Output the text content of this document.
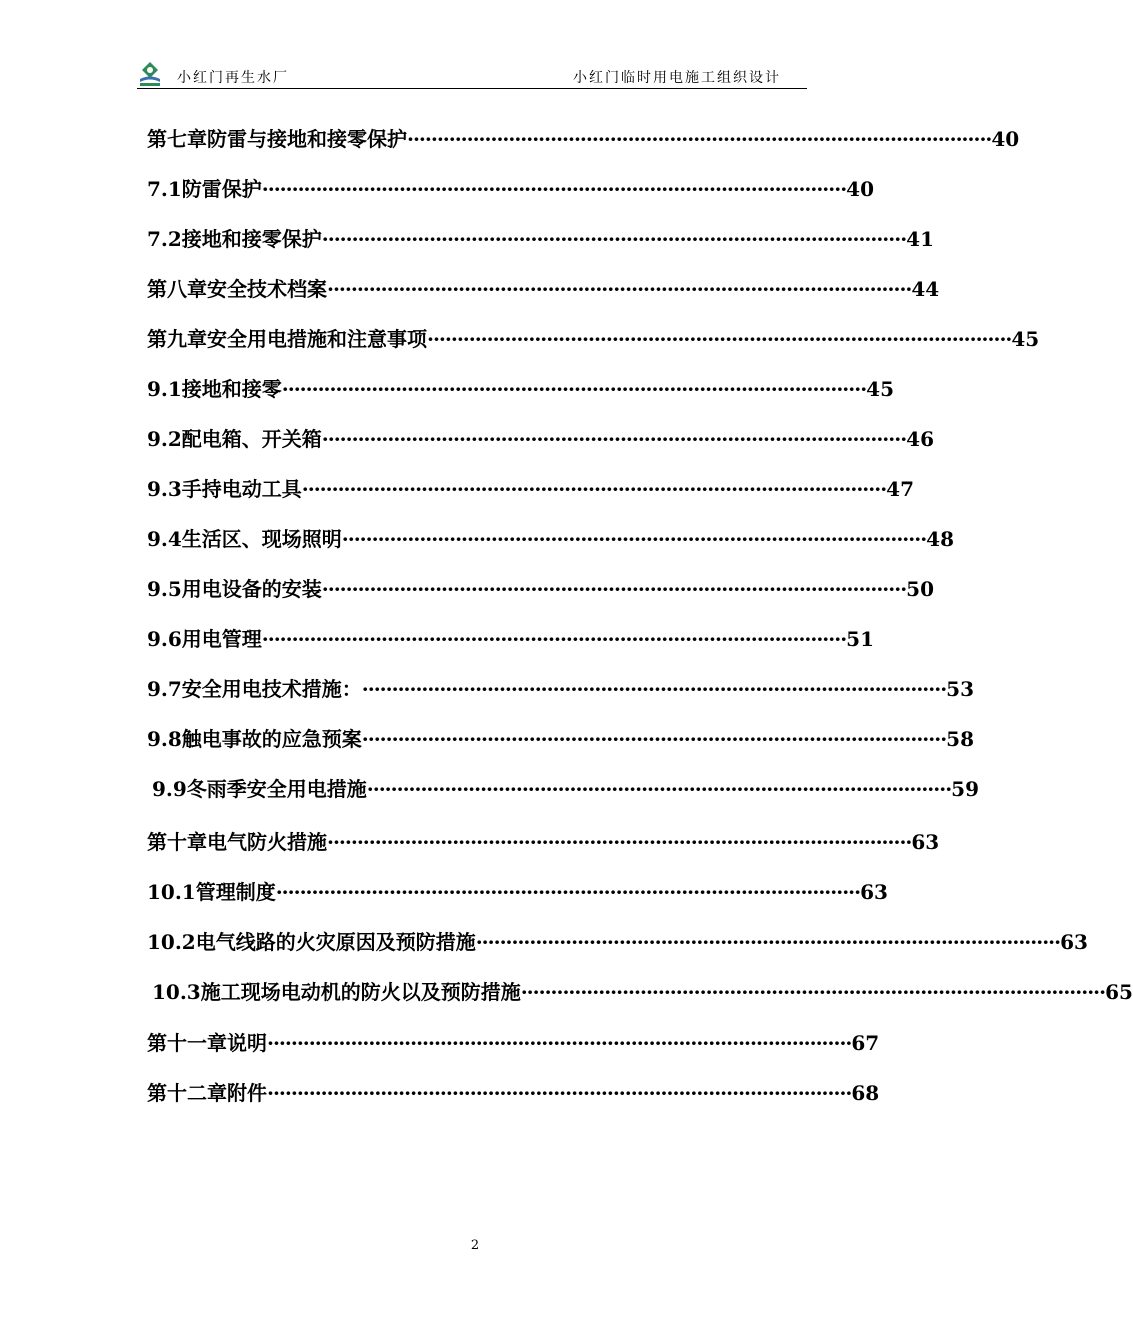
小红门再生水厂	小红门临时用电施工组织设计
第七章 防雷与接地和接零保护 ·································································································· 40
7.1 防雷保护 ·································································································· 40
7.2 接地和接零保护 ·································································································· 41
第八章 安全技术档案 ·································································································· 44
第九章 安全用电措施和注意事项 ·································································································· 45
9.1 接地和接零 ·································································································· 45
9.2 配电箱、开关箱 ·································································································· 46
9.3 手持电动工具 ·································································································· 47
9.4 生活区、现场照明 ·································································································· 48
9.5 用电设备的安装 ·································································································· 50
9.6 用电管理 ·································································································· 51
9.7 安全用电技术措施： ·································································································· 53
9.8 触电事故的应急预案 ·································································································· 58
9.9 冬雨季安全用电措施 ·································································································· 59
第十章 电气防火措施 ·································································································· 63
10.1 管理制度 ·································································································· 63
10.2 电气线路的火灾原因及预防措施 ·································································································· 63
10.3 施工现场电动机的防火以及预防措施 ·································································································· 65
第十一章 说明 ·································································································· 67
第十二章 附件 ·································································································· 68
2
